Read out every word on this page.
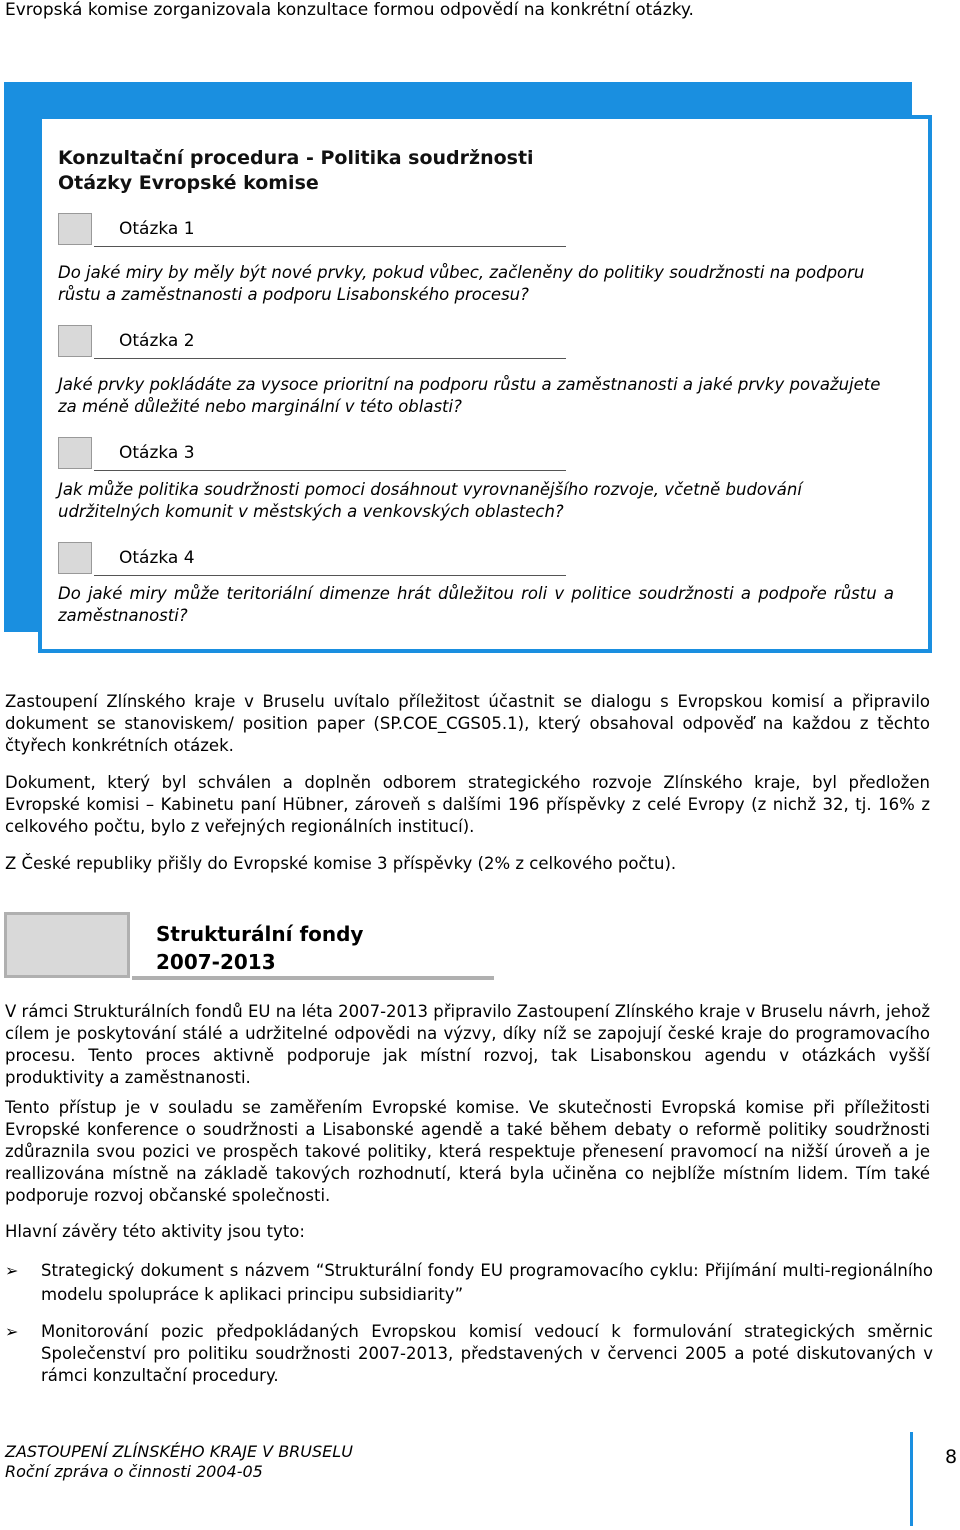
Evropská komise zorganizovala konzultace formou odpovědí na konkrétní otázky.
Konzultační procedura - Politika soudržnosti
Otázky Evropské komise
Otázka 1
Do jaké miry by měly být nové prvky, pokud vůbec, začleněny do politiky soudržnosti na podporu růstu a zaměstnanosti a podporu Lisabonského procesu?
Otázka 2
Jaké prvky pokládáte za vysoce prioritní na podporu růstu a zaměstnanosti a jaké prvky považujete za méně důležité nebo marginální v této oblasti?
Otázka 3
Jak může politika soudržnosti pomoci dosáhnout vyrovnanějšího rozvoje, včetně budování udržitelných komunit v městských a venkovských oblastech?
Otázka 4
Do jaké miry může teritoriální dimenze hrát důležitou roli v politice soudržnosti a podpoře růstu a zaměstnanosti?
Zastoupení Zlínského kraje v Bruselu uvítalo příležitost účastnit se dialogu s Evropskou komisí a připravilo dokument se stanoviskem/ position paper (SP.COE_CGS05.1), který obsahoval odpověď na každou z těchto čtyřech konkrétních otázek.
Dokument, který byl schválen a doplněn odborem strategického rozvoje Zlínského kraje, byl předložen Evropské komisi – Kabinetu paní Hübner, zároveň s dalšími 196 příspěvky z celé Evropy (z nichž 32, tj. 16% z celkového počtu, bylo z veřejných regionálních institucí).
Z České republiky přišly do Evropské komise 3 příspěvky (2% z celkového počtu).
Strukturální fondy
2007-2013
V rámci Strukturálních fondů EU na léta 2007-2013 připravilo Zastoupení Zlínského kraje v Bruselu návrh, jehož cílem je poskytování stálé a udržitelné odpovědi na výzvy, díky níž se zapojují české kraje do programovacího procesu. Tento proces aktivně podporuje jak místní rozvoj, tak Lisabonskou agendu v otázkách vyšší produktivity a zaměstnanosti.
Tento přístup je v souladu se zaměřením Evropské komise. Ve skutečnosti Evropská komise při příležitosti Evropské konference o soudržnosti a Lisabonské agendě a také během debaty o reformě politiky soudržnosti zdůraznila svou pozici ve prospěch takové politiky, která respektuje přenesení pravomocí na nižší úroveň a je reallizována místně na základě takových rozhodnutí, která byla učiněna co nejblíže místním lidem. Tím také podporuje rozvoj občanské společnosti.
Hlavní závěry této aktivity jsou tyto:
➢ Strategický dokument s názvem “Strukturální fondy EU programovacího cyklu: Přijímání multi-regionálního modelu spolupráce k aplikaci principu subsidiarity”
➢ Monitorování pozic předpokládaných Evropskou komisí vedoucí k formulování strategických směrnic Společenství pro politiku soudržnosti 2007-2013, představených v červenci 2005 a poté diskutovaných v rámci konzultační procedury.
ZASTOUPENÍ ZLÍNSKÉHO KRAJE V BRUSELU
Roční zpráva o činnosti 2004-05
8
